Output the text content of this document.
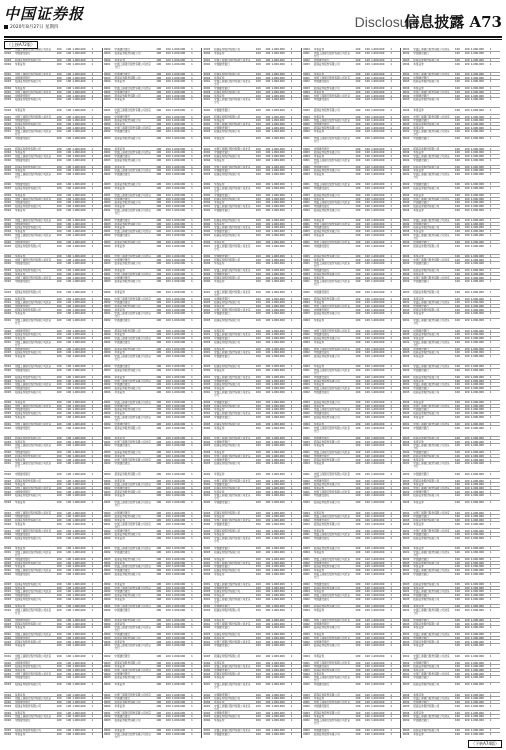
中国证券报
2020年8月27日 星期四	Disclosure
信息披露 A73
（上接A72版）
0001	中国工商银行股份有限公司北京	100	100 1,000,000	1
0002	中国建设银行	100	100 1,000,000	1
0003	招商证券股份有限公司	100	100 1,000,000	1
0004	华泰证券	100	100 1,000,000	1
0001	中国工商银行股份有限公司北京	100	100 1,000,000	1
0002	中国建设银行	100	100 1,000,000	1
0003	招商证券股份有限公司	100	100 1,000,000	1
0004	华泰证券	100	100 1,000,000	1
0001	中国工商银行股份有限公司北京	100	100 1,000,000	1
0002	中国建设银行	100	100 1,000,000	1
0003	招商证券股份有限公司	100	100 1,000,000	1
0004	华泰证券	100	100 1,000,000	1
0001	中国工商银行股份有限公司北京	100	100 1,000,000	1
0002	中国建设银行	100	100 1,000,000	1
0003	招商证券股份有限公司	100	100 1,000,000	1
0004	华泰证券	100	100 1,000,000	1
0001	中国工商银行股份有限公司北京分行
100	100 1,000,000	1
0002	中国建设银行	100	100 1,000,000	1
0003	招商证券股份有限公司	100	100 1,000,000	1
0004	华泰证券	100	100 1,000,000	1
0001	中国工商银行股份有限公司北京	100	100 1,000,000	1
0002	中国建设银行	100	100 1,000,000	1
0003	招商证券股份有限公司	100	100 1,000,000	1
0004	华泰证券	100	100 1,000,000	1
0001	中国工商银行股份有限公司北京分行
100	100 1,000,000	1
0002	中国建设银行	100	100 1,000,000	1
0003	招商证券股份有限公司	100	100 1,000,000	1
0004	华泰证券	100	100 1,000,000	1
0001	中国工商银行股份有限公司北京	100	100 1,000,000	1
0002	中国建设银行	100	100 1,000,000	1
0003	招商证券股份有限公司	100	100 1,000,000	1
0004	华泰证券	100	100 1,000,000	1
0001	中国工商银行股份有限公司北京	100	100 1,000,000	1
0002	中国建设银行	100	100 1,000,000	1
0003	招商证券股份有限公司	100	100 1,000,000	1
0004	华泰证券	100	100 1,000,000	1
0001	中国工商银行股份有限公司北京分行
100	100 1,000,000	1
0002	中国建设银行	100	100 1,000,000	1
0003	招商证券股份有限公司	100	100 1,000,000	1
0004	华泰证券	100	100 1,000,000	1
0001	中国工商银行股份有限公司北京	100	100 1,000,000	1
0002	中国建设银行	100	100 1,000,000	1
0003	招商证券股份有限公司	100	100 1,000,000	1
0004	华泰证券	100	100 1,000,000	1
0001	中国工商银行股份有限公司北京	100	100 1,000,000	1
0002	中国建设银行	100	100 1,000,000	1
0003	招商证券股份有限公司	100	100 1,000,000	1
0004	华泰证券	100	100 1,000,000	1
0001	中国工商银行股份有限公司北京	100	100 1,000,000	1
0002	中国建设银行	100	100 1,000,000	1
0003	招商证券股份有限公司	100	100 1,000,000	1
0004	华泰证券	100	100 1,000,000	1
0001	中国工商银行股份有限公司北京分行
100	100 1,000,000	1
0002	中国建设银行	100	100 1,000,000	1
0003	招商证券股份有限公司	100	100 1,000,000	1
0004	华泰证券	100	100 1,000,000	1
0001	中国工商银行股份有限公司北京分行
100	100 1,000,000	1
0002	中国建设银行	100	100 1,000,000	1
0003	招商证券股份有限公司	100	100 1,000,000	1
0004	华泰证券	100	100 1,000,000	1
0001	中国工商银行股份有限公司北京	100	100 1,000,000	1
0002	中国建设银行	100	100 1,000,000	1
0003	招商证券股份有限公司	100	100 1,000,000	1
0004	华泰证券	100	100 1,000,000	1
0001	中国工商银行股份有限公司北京	100	100 1,000,000	1
0002	中国建设银行	100	100 1,000,000	1
0003	招商证券股份有限公司	100	100 1,000,000	1
0004	华泰证券	100	100 1,000,000	1
0001	中国工商银行股份有限公司北京	100	100 1,000,000	1
0002	中国建设银行	100	100 1,000,000	1
0003	招商证券股份有限公司	100	100 1,000,000	1
0004	华泰证券	100	100 1,000,000	1
0001	中国工商银行股份有限公司北京	100	100 1,000,000	1
0002	中国建设银行	100	100 1,000,000	1
0003	招商证券股份有限公司	100	100 1,000,000	1
0004	华泰证券	100	100 1,000,000	1
0001	中国工商银行股份有限公司北京分行
100	100 1,000,000	1
0002	中国建设银行	100	100 1,000,000	1
0003	招商证券股份有限公司	100	100 1,000,000	1
0004	华泰证券	100	100 1,000,000	1
0001	中国工商银行股份有限公司北京分行
100	100 1,000,000	1
0002	中国建设银行	100	100 1,000,000	1
0003	招商证券股份有限公司	100	100 1,000,000	1
0004	华泰证券	100	100 1,000,000	1
0001	中国工商银行股份有限公司北京	100	100 1,000,000	1
0002	中国建设银行	100	100 1,000,000	1
0003	招商证券股份有限公司	100	100 1,000,000	1
0004	华泰证券	100	100 1,000,000	1
0001	中国工商银行股份有限公司北京	100	100 1,000,000	1
0002	中国建设银行	100	100 1,000,000	1
0003	招商证券股份有限公司	100	100 1,000,000	1
0004	华泰证券	100	100 1,000,000	1
0001	中国工商银行股份有限公司北京	100	100 1,000,000	1
0002	中国建设银行	100	100 1,000,000	1
0003	招商证券股份有限公司	100	100 1,000,000	1
0004	华泰证券	100	100 1,000,000	1
0001	中国工商银行股份有限公司北京分行
100	100 1,000,000	1
0002	中国建设银行	100	100 1,000,000	1
0003	招商证券股份有限公司	100	100 1,000,000	1
0004	华泰证券	100	100 1,000,000	1
0001	中国工商银行股份有限公司北京	100	100 1,000,000	1
0002	中国建设银行	100	100 1,000,000	1
0003	招商证券股份有限公司	100	100 1,000,000	1
0004	华泰证券	100	100 1,000,000	1
0001	中国工商银行股份有限公司北京	100	100 1,000,000	1
0002	中国建设银行	100	100 1,000,000	1
0003	招商证券股份有限公司	100	100 1,000,000	1
0004	华泰证券	100	100 1,000,000	1
0001	中国工商银行股份有限公司北京分行
100	100 1,000,000	1
0002	中国建设银行	100	100 1,000,000	1
0003	招商证券股份有限公司	100	100 1,000,000	1
0004	华泰证券	100	100 1,000,000	1
0001	中国工商银行股份有限公司北京	100	100 1,000,000	1
0002	中国建设银行	100	100 1,000,000	1
0003	招商证券股份有限公司	100	100 1,000,000	1
0004	华泰证券	100	100 1,000,000	1
0001	中国工商银行股份有限公司北京分行
100	100 1,000,000	1
0002	中国建设银行	100	100 1,000,000	1
0003	招商证券股份有限公司	100	100 1,000,000	1
0004	华泰证券	100	100 1,000,000	1
0001	中国工商银行股份有限公司北京	100	100 1,000,000	1
0002	中国建设银行	100	100 1,000,000	1
0003	招商证券股份有限公司	100	100 1,000,000	1
0004	华泰证券	100	100 1,000,000	1
0001	中国工商银行股份有限公司北京	100	100 1,000,000	1
0002	中国建设银行	100	100 1,000,000	1
0003	招商证券股份有限公司	100	100 1,000,000	1
0004	华泰证券	100	100 1,000,000	1
0001	中国工商银行股份有限公司北京	100	100 1,000,000	1
0002	中国建设银行	100	100 1,000,000	1
0003	招商证券股份有限公司	100	100 1,000,000	1
0004	华泰证券	100	100 1,000,000	1
0002	中国建设银行	100	100 1,000,000	1
0003	招商证券股份有限公司	100	100 1,000,000	1
0004	华泰证券	100	100 1,000,000	1
0001	中国工商银行股份有限公司北京分行
100	100 1,000,000	1
0002	中国建设银行	100	100 1,000,000	1
0003	招商证券股份有限公司	100	100 1,000,000	1
0004	华泰证券	100	100 1,000,000	1
0001	中国工商银行股份有限公司北京	100	100 1,000,000	1
0002	中国建设银行	100	100 1,000,000	1
0003	招商证券股份有限公司	100	100 1,000,000	1
0004	华泰证券	100	100 1,000,000	1
0001	中国工商银行股份有限公司北京分行
100	100 1,000,000	1
0002	中国建设银行	100	100 1,000,000	1
0003	招商证券股份有限公司	100	100 1,000,000	1
0004	华泰证券	100	100 1,000,000	1
0001	中国工商银行股份有限公司北京	100	100 1,000,000	1
0002	中国建设银行	100	100 1,000,000	1
0003	招商证券股份有限公司	100	100 1,000,000	1
0004	华泰证券	100	100 1,000,000	1
0001	中国工商银行股份有限公司北京	100	100 1,000,000	1
0002	中国建设银行	100	100 1,000,000	1
0003	招商证券股份有限公司	100	100 1,000,000	1
0004	华泰证券	100	100 1,000,000	1
0001	中国工商银行股份有限公司北京	100	100 1,000,000	1
0002	中国建设银行	100	100 1,000,000	1
0003	招商证券股份有限公司	100	100 1,000,000	1
0004	华泰证券	100	100 1,000,000	1
0001	中国工商银行股份有限公司北京	100	100 1,000,000	1
0002	中国建设银行	100	100 1,000,000	1
0003	招商证券股份有限公司	100	100 1,000,000	1
0004	华泰证券	100	100 1,000,000	1
0001	中国工商银行股份有限公司北京分行
100	100 1,000,000	1
0002	中国建设银行	100	100 1,000,000	1
0003	招商证券股份有限公司	100	100 1,000,000	1
0004	华泰证券	100	100 1,000,000	1
0001	中国工商银行股份有限公司北京	100	100 1,000,000	1
0002	中国建设银行	100	100 1,000,000	1
0003	招商证券股份有限公司	100	100 1,000,000	1
0004	华泰证券	100	100 1,000,000	1
0001	中国工商银行股份有限公司北京	100	100 1,000,000	1
0002	中国建设银行	100	100 1,000,000	1
0003	招商证券股份有限公司	100	100 1,000,000	1
0004	华泰证券	100	100 1,000,000	1
0001	中国工商银行股份有限公司北京	100	100 1,000,000	1
0002	中国建设银行	100	100 1,000,000	1
0003	招商证券股份有限公司	100	100 1,000,000	1
0004	华泰证券	100	100 1,000,000	1
0001	中国工商银行股份有限公司北京	100	100 1,000,000	1
0002	中国建设银行	100	100 1,000,000	1
0003	招商证券股份有限公司	100	100 1,000,000	1
0004	华泰证券	100	100 1,000,000	1
0001	中国工商银行股份有限公司北京分行
100	100 1,000,000	1
0002	中国建设银行	100	100 1,000,000	1
0003	招商证券股份有限公司	100	100 1,000,000	1
0004	华泰证券	100	100 1,000,000	1
0001	中国工商银行股份有限公司北京	100	100 1,000,000	1
0002	中国建设银行	100	100 1,000,000	1
0003	招商证券股份有限公司	100	100 1,000,000	1
0004	华泰证券	100	100 1,000,000	1
0001	中国工商银行股份有限公司北京分行
100	100 1,000,000	1
0002	中国建设银行	100	100 1,000,000	1
0003	招商证券股份有限公司	100	100 1,000,000	1
0004	华泰证券	100	100 1,000,000	1
0001	中国工商银行股份有限公司北京	100	100 1,000,000	1
0002	中国建设银行	100	100 1,000,000	1
0003	招商证券股份有限公司	100	100 1,000,000	1
0004	华泰证券	100	100 1,000,000	1
0001	中国工商银行股份有限公司北京	100	100 1,000,000	1
0002	中国建设银行	100	100 1,000,000	1
0003	招商证券股份有限公司	100	100 1,000,000	1
0004	华泰证券	100	100 1,000,000	1
0001	中国工商银行股份有限公司北京分行
100	100 1,000,000	1
0002	中国建设银行	100	100 1,000,000	1
0003	招商证券股份有限公司	100	100 1,000,000	1
0004	华泰证券	100	100 1,000,000	1
0001	中国工商银行股份有限公司北京	100	100 1,000,000	1
0002	中国建设银行	100	100 1,000,000	1
0003	招商证券股份有限公司	100	100 1,000,000	1
0004	华泰证券	100	100 1,000,000	1
0001	中国工商银行股份有限公司北京	100	100 1,000,000	1
0002	中国建设银行	100	100 1,000,000	1
0003	招商证券股份有限公司	100	100 1,000,000	1
0004	华泰证券	100	100 1,000,000	1
0001	中国工商银行股份有限公司北京	100	100 1,000,000	1
0002	中国建设银行	100	100 1,000,000	1
0003	招商证券股份有限公司	100	100 1,000,000	1
0004	华泰证券	100	100 1,000,000	1
0001	中国工商银行股份有限公司北京分行
100	100 1,000,000	1
0002	中国建设银行	100	100 1,000,000	1
0003	招商证券股份有限公司	100	100 1,000,000	1
0004	华泰证券	100	100 1,000,000	1
0001	中国工商银行股份有限公司北京分行
100	100 1,000,000	1
0002	中国建设银行	100	100 1,000,000	1
0003	招商证券股份有限公司	100	100 1,000,000	1
0004	华泰证券	100	100 1,000,000	1
0001	中国工商银行股份有限公司北京	100	100 1,000,000	1
0002	中国建设银行	100	100 1,000,000	1
0003	招商证券股份有限公司	100	100 1,000,000	1
0004	华泰证券	100	100 1,000,000	1
0001	中国工商银行股份有限公司北京	100	100 1,000,000	1
0002	中国建设银行	100	100 1,000,000	1
0003	招商证券股份有限公司	100	100 1,000,000	1
0004	华泰证券	100	100 1,000,000	1
0001	中国工商银行股份有限公司北京	100	100 1,000,000	1
0002	中国建设银行	100	100 1,000,000	1
0003	招商证券股份有限公司	100	100 1,000,000	1
0004	华泰证券	100	100 1,000,000	1
0001	中国工商银行股份有限公司北京	100	100 1,000,000	1
0002	中国建设银行	100	100 1,000,000	1
0003	招商证券股份有限公司	100	100 1,000,000	1
0004	华泰证券	100	100 1,000,000	1
0001	中国工商银行股份有限公司北京分行
100	100 1,000,000	1
0002	中国建设银行	100	100 1,000,000	1
0003	招商证券股份有限公司	100	100 1,000,000	1
0004	华泰证券	100	100 1,000,000	1
0001	中国工商银行股份有限公司北京分行
100	100 1,000,000	1
0002	中国建设银行	100	100 1,000,000	1
0003	招商证券股份有限公司	100	100 1,000,000	1
0004	华泰证券	100	100 1,000,000	1
0001	中国工商银行股份有限公司北京	100	100 1,000,000	1
0002	中国建设银行	100	100 1,000,000	1
0003	招商证券股份有限公司	100	100 1,000,000	1
0004	华泰证券	100	100 1,000,000	1
0001	中国工商银行股份有限公司北京	100	100 1,000,000	1
0002	中国建设银行	100	100 1,000,000	1
0003	招商证券股份有限公司	100	100 1,000,000	1
0004	华泰证券	100	100 1,000,000	1
0001	中国工商银行股份有限公司北京	100	100 1,000,000	1
0002	中国建设银行	100	100 1,000,000	1
0003	招商证券股份有限公司	100	100 1,000,000	1
0004	华泰证券	100	100 1,000,000	1
0001	中国工商银行股份有限公司北京分行
100	100 1,000,000	1
0003	招商证券股份有限公司	100	100 1,000,000	1
0004	华泰证券	100	100 1,000,000	1
0001	中国工商银行股份有限公司北京	100	100 1,000,000	1
0002	中国建设银行	100	100 1,000,000	1
0003	招商证券股份有限公司	100	100 1,000,000	1
0004	华泰证券	100	100 1,000,000	1
0001	中国工商银行股份有限公司北京分行
100	100 1,000,000	1
0002	中国建设银行	100	100 1,000,000	1
0003	招商证券股份有限公司	100	100 1,000,000	1
0004	华泰证券	100	100 1,000,000	1
0001	中国工商银行股份有限公司北京分行
100	100 1,000,000	1
0002	中国建设银行	100	100 1,000,000	1
0003	招商证券股份有限公司	100	100 1,000,000	1
0004	华泰证券	100	100 1,000,000	1
0001	中国工商银行股份有限公司北京	100	100 1,000,000	1
0002	中国建设银行	100	100 1,000,000	1
0003	招商证券股份有限公司	100	100 1,000,000	1
0004	华泰证券	100	100 1,000,000	1
0001	中国工商银行股份有限公司北京	100	100 1,000,000	1
0002	中国建设银行	100	100 1,000,000	1
0003	招商证券股份有限公司	100	100 1,000,000	1
0004	华泰证券	100	100 1,000,000	1
0001	中国工商银行股份有限公司北京	100	100 1,000,000	1
0002	中国建设银行	100	100 1,000,000	1
0003	招商证券股份有限公司	100	100 1,000,000	1
0004	华泰证券	100	100 1,000,000	1
0001	中国工商银行股份有限公司北京分行
100	100 1,000,000	1
0002	中国建设银行	100	100 1,000,000	1
0003	招商证券股份有限公司	100	100 1,000,000	1
0004	华泰证券	100	100 1,000,000	1
0001	中国工商银行股份有限公司北京	100	100 1,000,000	1
0002	中国建设银行	100	100 1,000,000	1
0003	招商证券股份有限公司	100	100 1,000,000	1
0004	华泰证券	100	100 1,000,000	1
0001	中国工商银行股份有限公司北京	100	100 1,000,000	1
0002	中国建设银行	100	100 1,000,000	1
0003	招商证券股份有限公司	100	100 1,000,000	1
0004	华泰证券	100	100 1,000,000	1
0001	中国工商银行股份有限公司北京分行
100	100 1,000,000	1
0002	中国建设银行	100	100 1,000,000	1
0003	招商证券股份有限公司	100	100 1,000,000	1
0004	华泰证券	100	100 1,000,000	1
0001	中国工商银行股份有限公司北京	100	100 1,000,000	1
0002	中国建设银行	100	100 1,000,000	1
0003	招商证券股份有限公司	100	100 1,000,000	1
0004	华泰证券	100	100 1,000,000	1
0001	中国工商银行股份有限公司北京分行
100	100 1,000,000	1
0002	中国建设银行	100	100 1,000,000	1
0003	招商证券股份有限公司	100	100 1,000,000	1
0004	华泰证券	100	100 1,000,000	1
0001	中国工商银行股份有限公司北京	100	100 1,000,000	1
0002	中国建设银行	100	100 1,000,000	1
0003	招商证券股份有限公司	100	100 1,000,000	1
0004	华泰证券	100	100 1,000,000	1
0001	中国工商银行股份有限公司北京	100	100 1,000,000	1
0002	中国建设银行	100	100 1,000,000	1
0003	招商证券股份有限公司	100	100 1,000,000	1
0004	华泰证券	100	100 1,000,000	1
0001	中国工商银行股份有限公司北京	100	100 1,000,000	1
0002	中国建设银行	100	100 1,000,000	1
0003	招商证券股份有限公司	100	100 1,000,000	1
0004	华泰证券	100	100 1,000,000	1
0001	中国工商银行股份有限公司北京	100	100 1,000,000	1
0002	中国建设银行	100	100 1,000,000	1
0003	招商证券股份有限公司	100	100 1,000,000	1
0004	华泰证券	100	100 1,000,000	1
0001	中国工商银行股份有限公司北京分行
100	100 1,000,000	1
0002	中国建设银行	100	100 1,000,000	1
0003	招商证券股份有限公司	100	100 1,000,000	1
0004	华泰证券	100	100 1,000,000	1
0001	中国工商银行股份有限公司北京	100	100 1,000,000	1
0002	中国建设银行	100	100 1,000,000	1
0003	招商证券股份有限公司	100	100 1,000,000	1
0004	华泰证券	100	100 1,000,000	1
0001	中国工商银行股份有限公司北京	100	100 1,000,000	1
0002	中国建设银行	100	100 1,000,000	1
0003	招商证券股份有限公司	100	100 1,000,000	1
0004	华泰证券	100	100 1,000,000	1
0001	中国工商银行股份有限公司北京	100	100 1,000,000	1
0002	中国建设银行	100	100 1,000,000	1
0003	招商证券股份有限公司	100	100 1,000,000	1
0004	华泰证券	100	100 1,000,000	1
0001	中国工商银行股份有限公司北京	100	100 1,000,000	1
0002	中国建设银行	100	100 1,000,000	1
0003	招商证券股份有限公司	100	100 1,000,000	1
0004	华泰证券	100	100 1,000,000	1
0001	中国工商银行股份有限公司北京分行
100	100 1,000,000	1
0002	中国建设银行	100	100 1,000,000	1
0003	招商证券股份有限公司	100	100 1,000,000	1
0004	华泰证券	100	100 1,000,000	1
0001	中国工商银行股份有限公司北京	100	100 1,000,000	1
0002	中国建设银行	100	100 1,000,000	1
0003	招商证券股份有限公司	100	100 1,000,000	1
0004	华泰证券	100	100 1,000,000	1
0001	中国工商银行股份有限公司北京分行
100	100 1,000,000	1
0002	中国建设银行	100	100 1,000,000	1
0003	招商证券股份有限公司	100	100 1,000,000	1
0004	华泰证券	100	100 1,000,000	1
0001	中国工商银行股份有限公司北京	100	100 1,000,000	1
0002	中国建设银行	100	100 1,000,000	1
0003	招商证券股份有限公司	100	100 1,000,000	1
0004	华泰证券	100	100 1,000,000	1
0001	中国工商银行股份有限公司北京	100	100 1,000,000	1
0002	中国建设银行	100	100 1,000,000	1
0003	招商证券股份有限公司	100	100 1,000,000	1
0004	华泰证券	100	100 1,000,000	1
0001	中国工商银行股份有限公司北京分行
100	100 1,000,000	1
0002	中国建设银行	100	100 1,000,000	1
0003	招商证券股份有限公司	100	100 1,000,000	1
0004	华泰证券	100	100 1,000,000	1
0001	中国工商银行股份有限公司北京	100	100 1,000,000	1
0002	中国建设银行	100	100 1,000,000	1
0003	招商证券股份有限公司	100	100 1,000,000	1
0004	华泰证券	100	100 1,000,000	1
0001	中国工商银行股份有限公司北京	100	100 1,000,000	1
0002	中国建设银行	100	100 1,000,000	1
0003	招商证券股份有限公司	100	100 1,000,000	1
0004	华泰证券	100	100 1,000,000	1
0001	中国工商银行股份有限公司北京	100	100 1,000,000	1
0002	中国建设银行	100	100 1,000,000	1
0003	招商证券股份有限公司	100	100 1,000,000	1
0004	华泰证券	100	100 1,000,000	1
0001	中国工商银行股份有限公司北京分行
100	100 1,000,000	1
0002	中国建设银行	100	100 1,000,000	1
0003	招商证券股份有限公司	100	100 1,000,000	1
0004	华泰证券	100	100 1,000,000	1
0001	中国工商银行股份有限公司北京分行
100	100 1,000,000	1
0002	中国建设银行	100	100 1,000,000	1
0003	招商证券股份有限公司	100	100 1,000,000	1
0004	华泰证券	100	100 1,000,000	1
0001	中国工商银行股份有限公司北京	100	100 1,000,000	1
0002	中国建设银行	100	100 1,000,000	1
0004	华泰证券	100	100 1,000,000	1
0001	中国工商银行股份有限公司北京分行
100	100 1,000,000	1
0002	中国建设银行	100	100 1,000,000	1
0003	招商证券股份有限公司	100	100 1,000,000	1
0004	华泰证券	100	100 1,000,000	1
0001	中国工商银行股份有限公司北京	100	100 1,000,000	1
0002	中国建设银行	100	100 1,000,000	1
0003	招商证券股份有限公司	100	100 1,000,000	1
0004	华泰证券	100	100 1,000,000	1
0001	中国工商银行股份有限公司北京	100	100 1,000,000	1
0002	中国建设银行	100	100 1,000,000	1
0003	招商证券股份有限公司	100	100 1,000,000	1
0004	华泰证券	100	100 1,000,000	1
0001	中国工商银行股份有限公司北京	100	100 1,000,000	1
0002	中国建设银行	100	100 1,000,000	1
0003	招商证券股份有限公司	100	100 1,000,000	1
0004	华泰证券	100	100 1,000,000	1
0001	中国工商银行股份有限公司北京分行
100	100 1,000,000	1
0002	中国建设银行	100	100 1,000,000	1
0003	招商证券股份有限公司	100	100 1,000,000	1
0004	华泰证券	100	100 1,000,000	1
0001	中国工商银行股份有限公司北京分行
100	100 1,000,000	1
0002	中国建设银行	100	100 1,000,000	1
0003	招商证券股份有限公司	100	100 1,000,000	1
0004	华泰证券	100	100 1,000,000	1
0001	中国工商银行股份有限公司北京	100	100 1,000,000	1
0002	中国建设银行	100	100 1,000,000	1
0003	招商证券股份有限公司	100	100 1,000,000	1
0004	华泰证券	100	100 1,000,000	1
0001	中国工商银行股份有限公司北京	100	100 1,000,000	1
0002	中国建设银行	100	100 1,000,000	1
0003	招商证券股份有限公司	100	100 1,000,000	1
0004	华泰证券	100	100 1,000,000	1
0001	中国工商银行股份有限公司北京	100	100 1,000,000	1
0002	中国建设银行	100	100 1,000,000	1
0003	招商证券股份有限公司	100	100 1,000,000	1
0004	华泰证券	100	100 1,000,000	1
0001	中国工商银行股份有限公司北京	100	100 1,000,000	1
0002	中国建设银行	100	100 1,000,000	1
0003	招商证券股份有限公司	100	100 1,000,000	1
0004	华泰证券	100	100 1,000,000	1
0001	中国工商银行股份有限公司北京分行
100	100 1,000,000	1
0002	中国建设银行	100	100 1,000,000	1
0003	招商证券股份有限公司	100	100 1,000,000	1
0004	华泰证券	100	100 1,000,000	1
0001	中国工商银行股份有限公司北京分行
100	100 1,000,000	1
0002	中国建设银行	100	100 1,000,000	1
0003	招商证券股份有限公司	100	100 1,000,000	1
0004	华泰证券	100	100 1,000,000	1
0001	中国工商银行股份有限公司北京	100	100 1,000,000	1
0002	中国建设银行	100	100 1,000,000	1
0003	招商证券股份有限公司	100	100 1,000,000	1
0004	华泰证券	100	100 1,000,000	1
0001	中国工商银行股份有限公司北京	100	100 1,000,000	1
0002	中国建设银行	100	100 1,000,000	1
0003	招商证券股份有限公司	100	100 1,000,000	1
0004	华泰证券	100	100 1,000,000	1
0001	中国工商银行股份有限公司北京	100	100 1,000,000	1
0002	中国建设银行	100	100 1,000,000	1
0003	招商证券股份有限公司	100	100 1,000,000	1
0004	华泰证券	100	100 1,000,000	1
0001	中国工商银行股份有限公司北京分行
100	100 1,000,000	1
0002	中国建设银行	100	100 1,000,000	1
0003	招商证券股份有限公司	100	100 1,000,000	1
0004	华泰证券	100	100 1,000,000	1
0001	中国工商银行股份有限公司北京	100	100 1,000,000	1
0002	中国建设银行	100	100 1,000,000	1
0003	招商证券股份有限公司	100	100 1,000,000	1
0004	华泰证券	100	100 1,000,000	1
0001	中国工商银行股份有限公司北京	100	100 1,000,000	1
0002	中国建设银行	100	100 1,000,000	1
0003	招商证券股份有限公司	100	100 1,000,000	1
0004	华泰证券	100	100 1,000,000	1
0001	中国工商银行股份有限公司北京分行
100	100 1,000,000	1
0002	中国建设银行	100	100 1,000,000	1
0003	招商证券股份有限公司	100	100 1,000,000	1
0004	华泰证券	100	100 1,000,000	1
0001	中国工商银行股份有限公司北京	100	100 1,000,000	1
0002	中国建设银行	100	100 1,000,000	1
0003	招商证券股份有限公司	100	100 1,000,000	1
0004	华泰证券	100	100 1,000,000	1
0001	中国工商银行股份有限公司北京分行
100	100 1,000,000	1
0002	中国建设银行	100	100 1,000,000	1
0003	招商证券股份有限公司	100	100 1,000,000	1
0004	华泰证券	100	100 1,000,000	1
0001	中国工商银行股份有限公司北京	100	100 1,000,000	1
0002	中国建设银行	100	100 1,000,000	1
0003	招商证券股份有限公司	100	100 1,000,000	1
0004	华泰证券	100	100 1,000,000	1
0001	中国工商银行股份有限公司北京	100	100 1,000,000	1
0002	中国建设银行	100	100 1,000,000	1
0003	招商证券股份有限公司	100	100 1,000,000	1
0004	华泰证券	100	100 1,000,000	1
0001	中国工商银行股份有限公司北京	100	100 1,000,000	1
0002	中国建设银行	100	100 1,000,000	1
0003	招商证券股份有限公司	100	100 1,000,000	1
0004	华泰证券	100	100 1,000,000	1
0001	中国工商银行股份有限公司北京	100	100 1,000,000	1
0002	中国建设银行	100	100 1,000,000	1
0003	招商证券股份有限公司	100	100 1,000,000	1
0004	华泰证券	100	100 1,000,000	1
0001	中国工商银行股份有限公司北京分行
100	100 1,000,000	1
0002	中国建设银行	100	100 1,000,000	1
0003	招商证券股份有限公司	100	100 1,000,000	1
0004	华泰证券	100	100 1,000,000	1
0001	中国工商银行股份有限公司北京	100	100 1,000,000	1
0002	中国建设银行	100	100 1,000,000	1
0003	招商证券股份有限公司	100	100 1,000,000	1
0004	华泰证券	100	100 1,000,000	1
0001	中国工商银行股份有限公司北京	100	100 1,000,000	1
0002	中国建设银行	100	100 1,000,000	1
0003	招商证券股份有限公司	100	100 1,000,000	1
0004	华泰证券	100	100 1,000,000	1
0001	中国工商银行股份有限公司北京	100	100 1,000,000	1
0002	中国建设银行	100	100 1,000,000	1
0003	招商证券股份有限公司	100	100 1,000,000	1
0004	华泰证券	100	100 1,000,000	1
0001	中国工商银行股份有限公司北京	100	100 1,000,000	1
0002	中国建设银行	100	100 1,000,000	1
0003	招商证券股份有限公司	100	100 1,000,000	1
0004	华泰证券	100	100 1,000,000	1
0001	中国工商银行股份有限公司北京分行
100	100 1,000,000	1
0002	中国建设银行	100	100 1,000,000	1
0003	招商证券股份有限公司	100	100 1,000,000	1
0004	华泰证券	100	100 1,000,000	1
0001	中国工商银行股份有限公司北京	100	100 1,000,000	1
0002	中国建设银行	100	100 1,000,000	1
0003	招商证券股份有限公司	100	100 1,000,000	1
0004	华泰证券	100	100 1,000,000	1
0001	中国工商银行股份有限公司北京分行
100	100 1,000,000	1
0002	中国建设银行	100	100 1,000,000	1
0003	招商证券股份有限公司	100	100 1,000,000	1
0001	中国工商银行股份有限公司北京	100	100 1,000,000	1
0002	中国建设银行	100	100 1,000,000	1
0003	招商证券股份有限公司	100	100 1,000,000	1
0004	华泰证券	100	100 1,000,000	1
0001	中国工商银行股份有限公司北京	100	100 1,000,000	1
0002	中国建设银行	100	100 1,000,000	1
0003	招商证券股份有限公司	100	100 1,000,000	1
0004	华泰证券	100	100 1,000,000	1
0001	中国工商银行股份有限公司北京	100	100 1,000,000	1
0002	中国建设银行	100	100 1,000,000	1
0003	招商证券股份有限公司	100	100 1,000,000	1
0004	华泰证券	100	100 1,000,000	1
0001	中国工商银行股份有限公司北京	100	100 1,000,000	1
0002	中国建设银行	100	100 1,000,000	1
0003	招商证券股份有限公司	100	100 1,000,000	1
0004	华泰证券	100	100 1,000,000	1
0001	中国工商银行股份有限公司北京分行
100	100 1,000,000	1
0002	中国建设银行	100	100 1,000,000	1
0003	招商证券股份有限公司	100	100 1,000,000	1
0004	华泰证券	100	100 1,000,000	1
0001	中国工商银行股份有限公司北京	100	100 1,000,000	1
0002	中国建设银行	100	100 1,000,000	1
0003	招商证券股份有限公司	100	100 1,000,000	1
0004	华泰证券	100	100 1,000,000	1
0001	中国工商银行股份有限公司北京分行
100	100 1,000,000	1
0002	中国建设银行	100	100 1,000,000	1
0003	招商证券股份有限公司	100	100 1,000,000	1
0004	华泰证券	100	100 1,000,000	1
0001	中国工商银行股份有限公司北京	100	100 1,000,000	1
0002	中国建设银行	100	100 1,000,000	1
0003	招商证券股份有限公司	100	100 1,000,000	1
0004	华泰证券	100	100 1,000,000	1
0001	中国工商银行股份有限公司北京	100	100 1,000,000	1
0002	中国建设银行	100	100 1,000,000	1
0003	招商证券股份有限公司	100	100 1,000,000	1
0004	华泰证券	100	100 1,000,000	1
0001	中国工商银行股份有限公司北京分行
100	100 1,000,000	1
0002	中国建设银行	100	100 1,000,000	1
0003	招商证券股份有限公司	100	100 1,000,000	1
0004	华泰证券	100	100 1,000,000	1
0001	中国工商银行股份有限公司北京	100	100 1,000,000	1
0002	中国建设银行	100	100 1,000,000	1
0003	招商证券股份有限公司	100	100 1,000,000	1
0004	华泰证券	100	100 1,000,000	1
0001	中国工商银行股份有限公司北京	100	100 1,000,000	1
0002	中国建设银行	100	100 1,000,000	1
0003	招商证券股份有限公司	100	100 1,000,000	1
0004	华泰证券	100	100 1,000,000	1
0001	中国工商银行股份有限公司北京	100	100 1,000,000	1
0002	中国建设银行	100	100 1,000,000	1
0003	招商证券股份有限公司	100	100 1,000,000	1
0004	华泰证券	100	100 1,000,000	1
0001	中国工商银行股份有限公司北京分行
100	100 1,000,000	1
0002	中国建设银行	100	100 1,000,000	1
0003	招商证券股份有限公司	100	100 1,000,000	1
0004	华泰证券	100	100 1,000,000	1
0001	中国工商银行股份有限公司北京分行
100	100 1,000,000	1
0002	中国建设银行	100	100 1,000,000	1
0003	招商证券股份有限公司	100	100 1,000,000	1
0004	华泰证券	100	100 1,000,000	1
0001	中国工商银行股份有限公司北京	100	100 1,000,000	1
0002	中国建设银行	100	100 1,000,000	1
0003	招商证券股份有限公司	100	100 1,000,000	1
0004	华泰证券	100	100 1,000,000	1
0001	中国工商银行股份有限公司北京	100	100 1,000,000	1
0002	中国建设银行	100	100 1,000,000	1
0003	招商证券股份有限公司	100	100 1,000,000	1
0004	华泰证券	100	100 1,000,000	1
0001	中国工商银行股份有限公司北京	100	100 1,000,000	1
0002	中国建设银行	100	100 1,000,000	1
0003	招商证券股份有限公司	100	100 1,000,000	1
0004	华泰证券	100	100 1,000,000	1
0001	中国工商银行股份有限公司北京	100	100 1,000,000	1
0002	中国建设银行	100	100 1,000,000	1
0003	招商证券股份有限公司	100	100 1,000,000	1
0004	华泰证券	100	100 1,000,000	1
0001	中国工商银行股份有限公司北京分行
100	100 1,000,000	1
0002	中国建设银行	100	100 1,000,000	1
0003	招商证券股份有限公司	100	100 1,000,000	1
0004	华泰证券	100	100 1,000,000	1
0001	中国工商银行股份有限公司北京分行
100	100 1,000,000	1
0002	中国建设银行	100	100 1,000,000	1
0003	招商证券股份有限公司	100	100 1,000,000	1
0004	华泰证券	100	100 1,000,000	1
0001	中国工商银行股份有限公司北京	100	100 1,000,000	1
0002	中国建设银行	100	100 1,000,000	1
0003	招商证券股份有限公司	100	100 1,000,000	1
0004	华泰证券	100	100 1,000,000	1
0001	中国工商银行股份有限公司北京	100	100 1,000,000	1
0002	中国建设银行	100	100 1,000,000	1
0003	招商证券股份有限公司	100	100 1,000,000	1
0004	华泰证券	100	100 1,000,000	1
0001	中国工商银行股份有限公司北京	100	100 1,000,000	1
0002	中国建设银行	100	100 1,000,000	1
0003	招商证券股份有限公司	100	100 1,000,000	1
0004	华泰证券	100	100 1,000,000	1
0001	中国工商银行股份有限公司北京分行
100	100 1,000,000	1
0002	中国建设银行	100	100 1,000,000	1
0003	招商证券股份有限公司	100	100 1,000,000	1
0004	华泰证券	100	100 1,000,000	1
0001	中国工商银行股份有限公司北京	100	100 1,000,000	1
0002	中国建设银行	100	100 1,000,000	1
0003	招商证券股份有限公司	100	100 1,000,000	1
0004	华泰证券	100	100 1,000,000	1
0001	中国工商银行股份有限公司北京	100	100 1,000,000	1
0002	中国建设银行	100	100 1,000,000	1
0003	招商证券股份有限公司	100	100 1,000,000	1
0004	华泰证券	100	100 1,000,000	1
0001	中国工商银行股份有限公司北京分行
100	100 1,000,000	1
0002	中国建设银行	100	100 1,000,000	1
0003	招商证券股份有限公司	100	100 1,000,000	1
0004	华泰证券	100	100 1,000,000	1
0001	中国工商银行股份有限公司北京	100	100 1,000,000	1
0002	中国建设银行	100	100 1,000,000	1
0003	招商证券股份有限公司	100	100 1,000,000	1
0004	华泰证券	100	100 1,000,000	1
0001	中国工商银行股份有限公司北京分行
100	100 1,000,000	1
0002	中国建设银行	100	100 1,000,000	1
0003	招商证券股份有限公司	100	100 1,000,000	1
0004	华泰证券	100	100 1,000,000	1
0001	中国工商银行股份有限公司北京	100	100 1,000,000	1
0002	中国建设银行	100	100 1,000,000	1
0003	招商证券股份有限公司	100	100 1,000,000	1
0004	华泰证券	100	100 1,000,000	1
0001	中国工商银行股份有限公司北京	100	100 1,000,000	1
0002	中国建设银行	100	100 1,000,000	1
0003	招商证券股份有限公司	100	100 1,000,000	1
0004	华泰证券	100	100 1,000,000	1
0001	中国工商银行股份有限公司北京	100	100 1,000,000	1
0002	中国建设银行	100	100 1,000,000	1
0003	招商证券股份有限公司	100	100 1,000,000	1
0004	华泰证券	100	100 1,000,000	1
（下转A74版）
